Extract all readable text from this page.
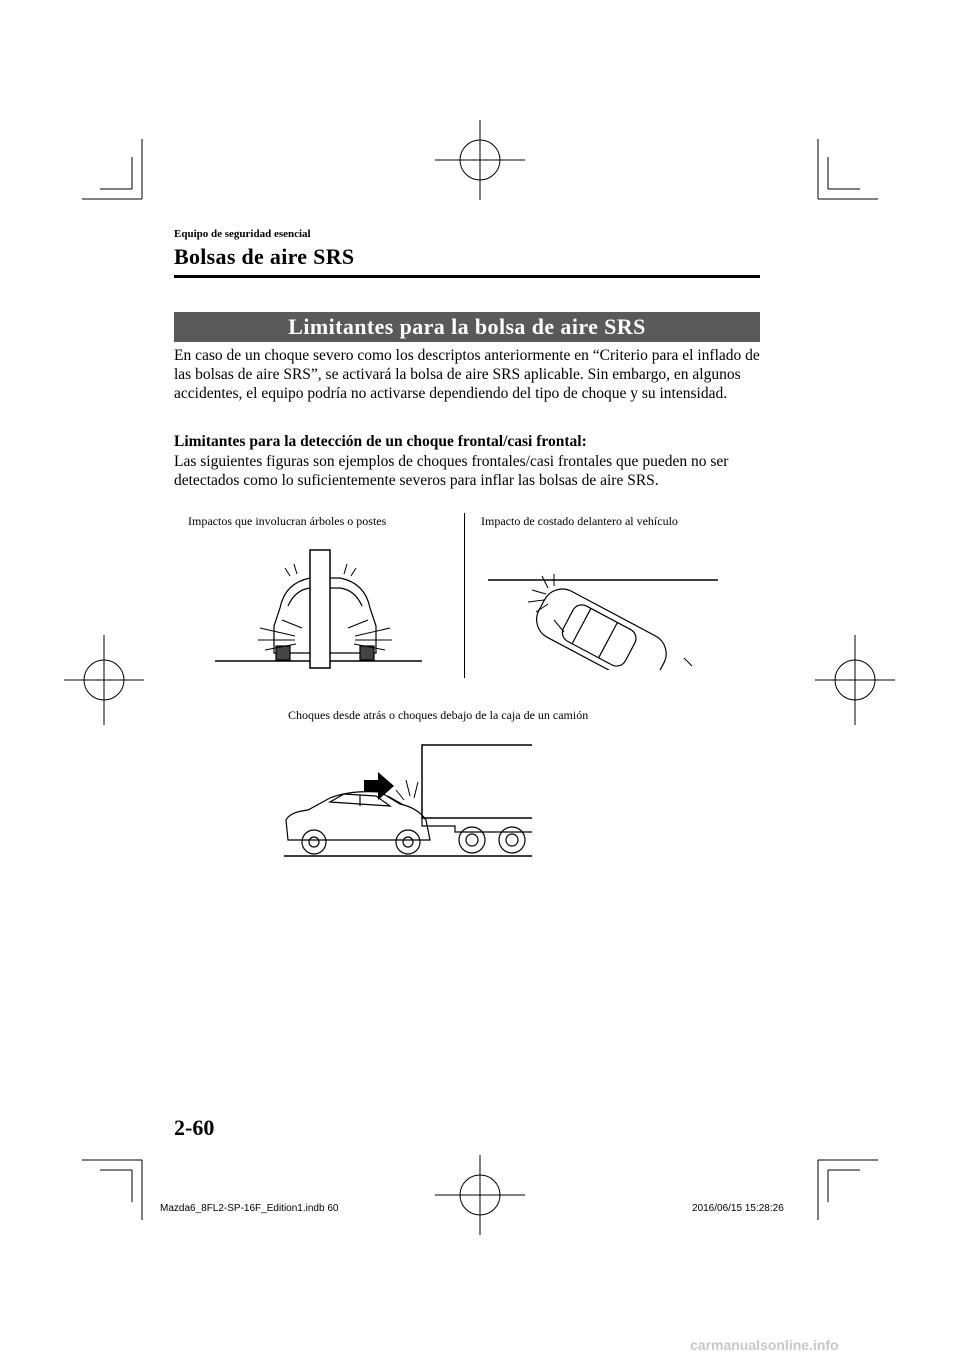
Equipo de seguridad esencial
Bolsas de aire SRS
Limitantes para la bolsa de aire SRS

En caso de un choque severo como los descriptos anteriormente en “Criterio para el inflado de las bolsas de aire SRS”, se activará la bolsa de aire SRS aplicable. Sin embargo, en algunos accidentes, el equipo podría no activarse dependiendo del tipo de choque y su intensidad.

Limitantes para la detección de un choque frontal/casi frontal:

Las siguientes figuras son ejemplos de choques frontales/casi frontales que pueden no ser detectados como lo suficientemente severos para inflar las bolsas de aire SRS.

Impactos que involucran árboles o postes	Impacto de costado delantero al vehículo
Choques desde atrás o choques debajo de la caja de un camión
2-60
Mazda6_8FL2-SP-16F_Edition1.indb 60	2016/06/15 15:28:26
carmanualsonline.info
